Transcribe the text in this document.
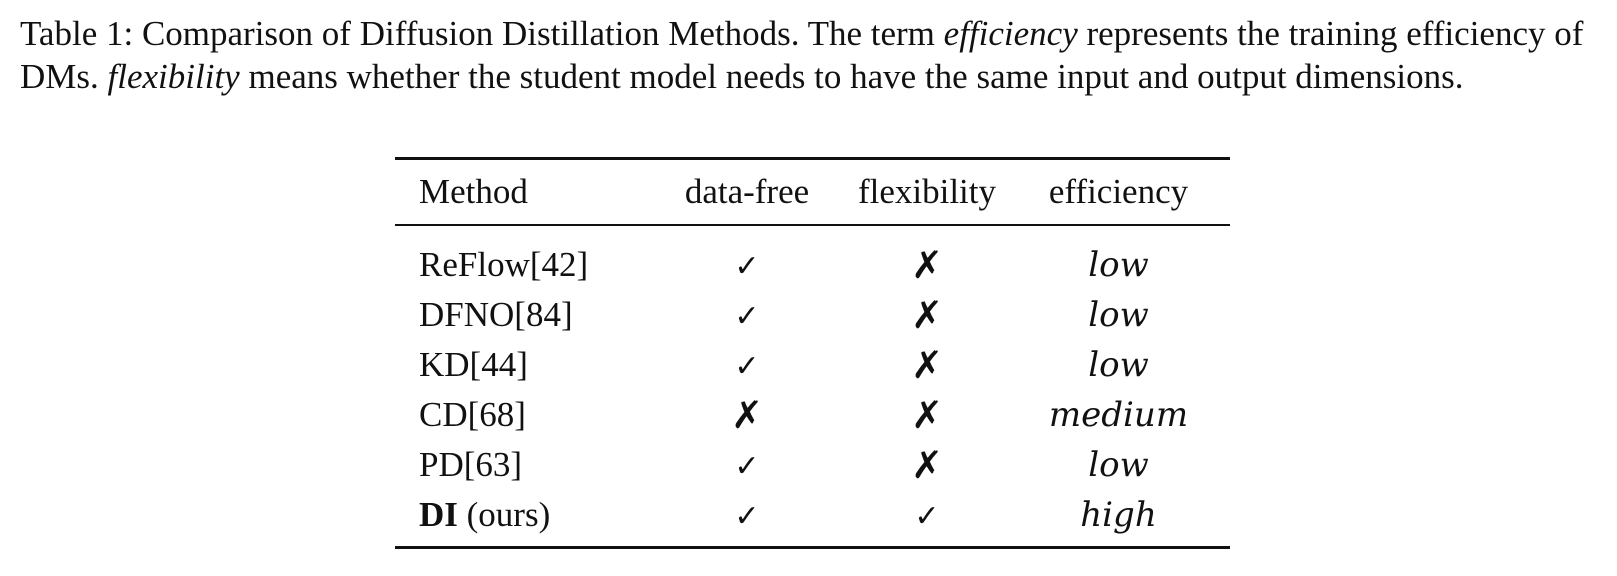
Table 1: Comparison of Diffusion Distillation Methods. The term efficiency represents the training efficiency of DMs. flexibility means whether the student model needs to have the same input and output dimensions.

Method	data-free	flexibility	efficiency
ReFlow[42]	✓	✗	low
DFNO[84]	✓	✗	low
KD[44]	✓	✗	low
CD[68]	✗	✗	medium
PD[63]	✓	✗	low
DI (ours)	✓	✓	high
